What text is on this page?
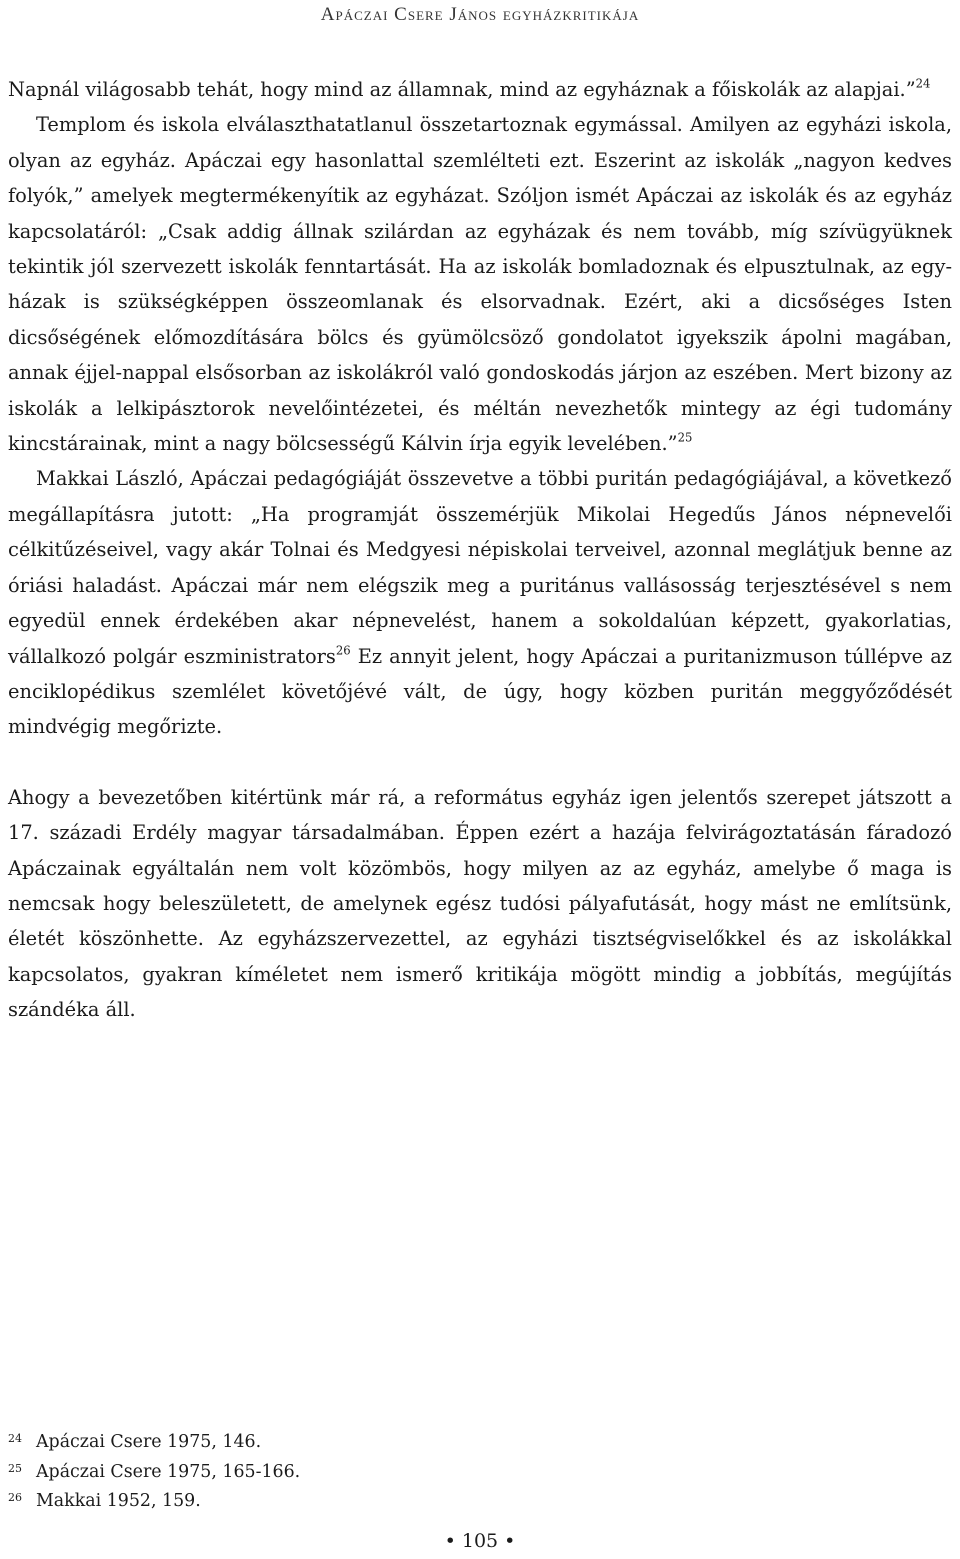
Apáczai Csere János egyházkritikája

Napnál világosabb tehát, hogy mind az államnak, mind az egyháznak a főiskolák az alapjai.”$^{24}$

Templom és iskola elválaszthatatlanul összetartoznak egymással. Amilyen az egyházi iskola, olyan az egyház. Apáczai egy hasonlattal szemlélteti ezt. Eszerint az iskolák „nagyon kedves folyók,” amelyek megtermékenyítik az egyházat. Szóljon ismét Apáczai az iskolák és az egyház kapcsolatáról: „Csak addig állnak szilárdan az egyházak és nem tovább, míg szívügyüknek tekintik jól szervezett iskolák fenntartását. Ha az iskolák bomladoznak és elpusztulnak, az egyházak is szükségképpen összeomlanak és elsorvadnak. Ezért, aki a dicsőséges Isten dicsőségének előmozdítására bölcs és gyümölcsöző gondolatot igyekszik ápolni magában, annak éjjel-nappal elsősorban az iskolákról való gondoskodás járjon az eszében. Mert bizony az iskolák a lelkipásztorok nevelőintézetei, és méltán nevezhetők mintegy az égi tudomány kincstárainak, mint a nagy bölcsességű Kálvin írja egyik levelében.”$^{25}$

Makkai László, Apáczai pedagógiáját összevetve a többi puritán pedagógiájával, a következő megállapításra jutott: „Ha programját összemérjük Mikolai Hegedűs János népnevelői célkitűzéseivel, vagy akár Tolnai és Medgyesi népiskolai terveivel, azonnal meglátjuk benne az óriási haladást. Apáczai már nem elégszik meg a puritánus vallásosság terjesztésével s nem egyedül ennek érdekében akar népnevelést, hanem a sokoldalúan képzett, gyakorlatias, vállalkozó polgár eszministrators$^{26}$ Ez annyit jelent, hogy Apáczai a puritanizmuson túllépve az enciklopédikus szemlélet követőjévé vált, de úgy, hogy közben puritán meggyőződését mindvégig megőrizte.

Ahogy a bevezetőben kitértünk már rá, a református egyház igen jelentős szerepet játszott a 17. századi Erdély magyar társadalmában. Éppen ezért a hazája felvirágoztatásán fáradozó Apáczainak egyáltalán nem volt közömbös, hogy milyen az az egyház, amelybe ő maga is nemcsak hogy beleszületett, de amelynek egész tudósi pályafutását, hogy mást ne említsünk, életét köszönhette. Az egyházszervezettel, az egyházi tisztségviselőkkel és az iskolákkal kapcsolatos, gyakran kíméletet nem ismerő kritikája mögött mindig a jobbítás, megújítás szándéka áll.

24 Apáczai Csere 1975, 146.
25 Apáczai Csere 1975, 165-166.
26 Makkai 1952, 159.
• 105 •
